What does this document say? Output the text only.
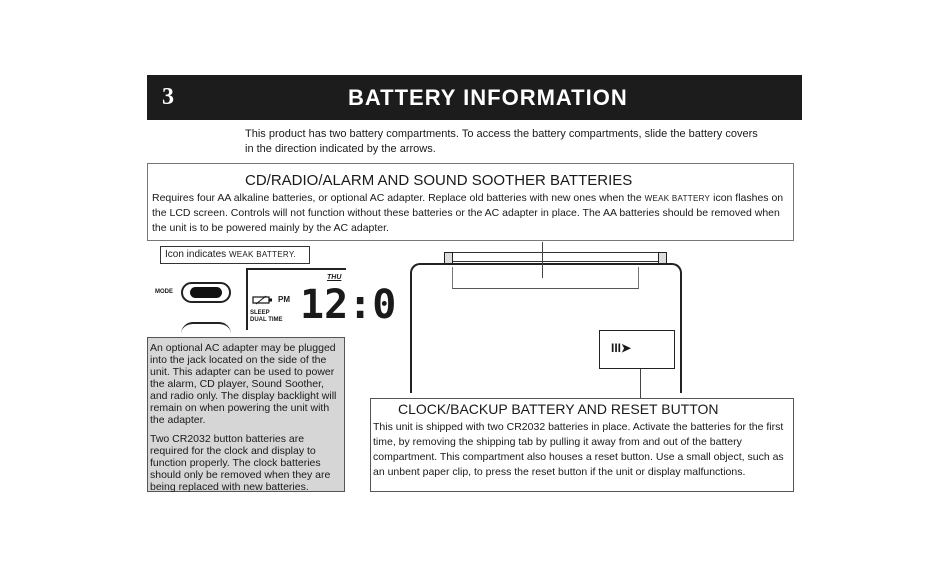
3	BATTERY INFORMATION
This product has two battery compartments. To access the battery compartments, slide the battery covers in the direction indicated by the arrows.
CD/RADIO/ALARM AND SOUND SOOTHER BATTERIES
Requires four AA alkaline batteries, or optional AC adapter. Replace old batteries with new ones when the WEAK BATTERY icon flashes on the LCD screen. Controls will not function without these batteries or the AC adapter in place. The AA batteries should be removed when the unit is to be powered mainly by the AC adapter.
Icon indicates WEAK BATTERY.
MODE
THU
PM
SLEEP
DUAL TIME 12:0
An optional AC adapter may be plugged into the jack located on the side of the unit. This adapter can be used to power the alarm, CD player, Sound Soother, and radio only. The display backlight will remain on when powering the unit with the adapter.
Two CR2032 button batteries are required for the clock and display to function properly. The clock batteries should only be removed when they are being replaced with new batteries.
III➤
CLOCK/BACKUP BATTERY AND RESET BUTTON
This unit is shipped with two CR2032 batteries in place. Activate the batteries for the first time, by removing the shipping tab by pulling it away from and out of the battery compartment. This compartment also houses a reset button. Use a small object, such as an unbent paper clip, to press the reset button if the unit or display malfunctions.
